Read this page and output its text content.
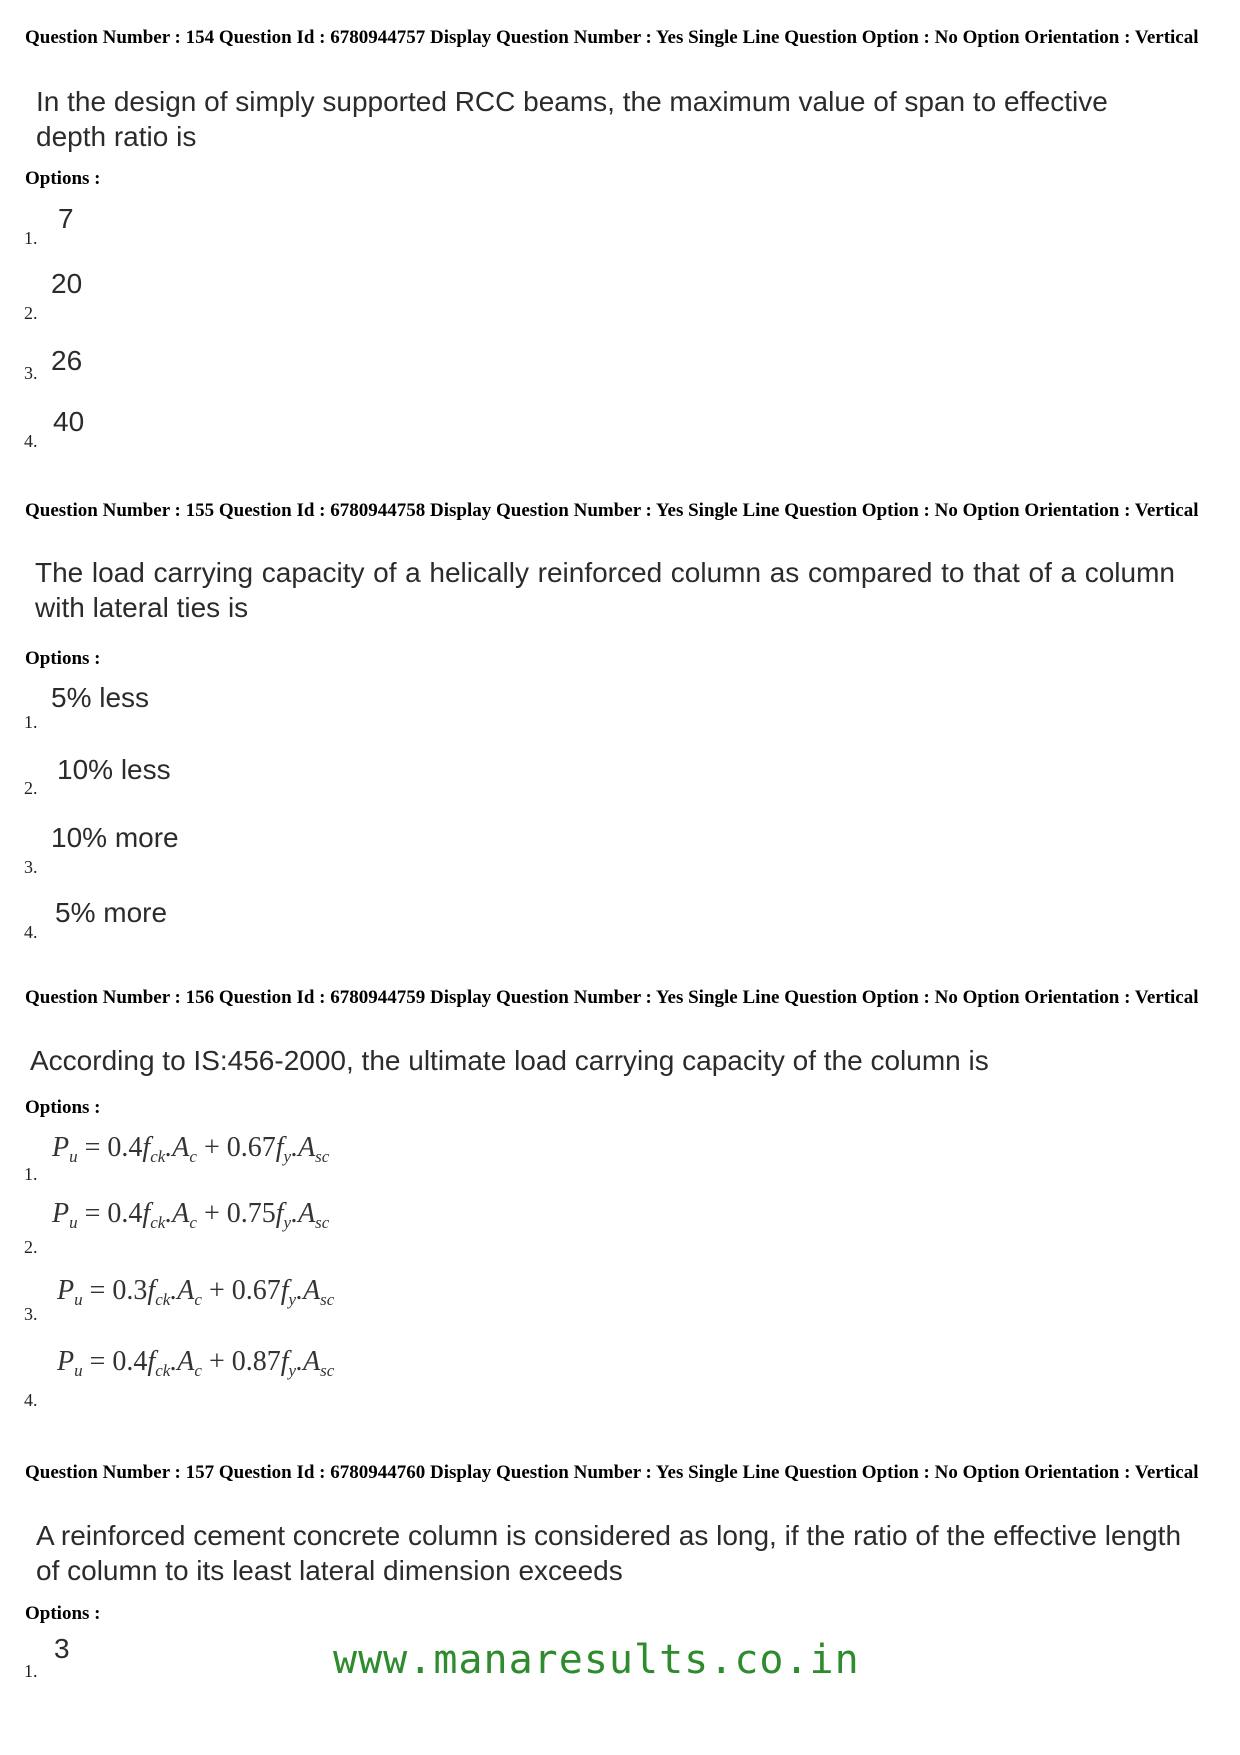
Question Number : 154 Question Id : 6780944757 Display Question Number : Yes Single Line Question Option : No Option Orientation : Vertical
In the design of simply supported RCC beams, the maximum value of span to effective depth ratio is
Options :
1.
7
2.
20
3. 26
4.
40
Question Number : 155 Question Id : 6780944758 Display Question Number : Yes Single Line Question Option : No Option Orientation : Vertical
The load carrying capacity of a helically reinforced column as compared to that of a column with lateral ties is
Options :
1.
5% less
2.
10% less
3.
10% more
4.
5% more
Question Number : 156 Question Id : 6780944759 Display Question Number : Yes Single Line Question Option : No Option Orientation : Vertical
According to IS:456-2000, the ultimate load carrying capacity of the column is
Options :
1.
$P_u = 0.4f_{ck}.A_c + 0.67f_y.A_{sc}$
2.
$P_u = 0.4f_{ck}.A_c + 0.75f_y.A_{sc}$
3.
$P_u = 0.3f_{ck}.A_c + 0.67f_y.A_{sc}$
4.
$P_u = 0.4f_{ck}.A_c + 0.87f_y.A_{sc}$
Question Number : 157 Question Id : 6780944760 Display Question Number : Yes Single Line Question Option : No Option Orientation : Vertical
A reinforced cement concrete column is considered as long, if the ratio of the effective length of column to its least lateral dimension exceeds
Options :
1.
3	www.manaresults.co.in
